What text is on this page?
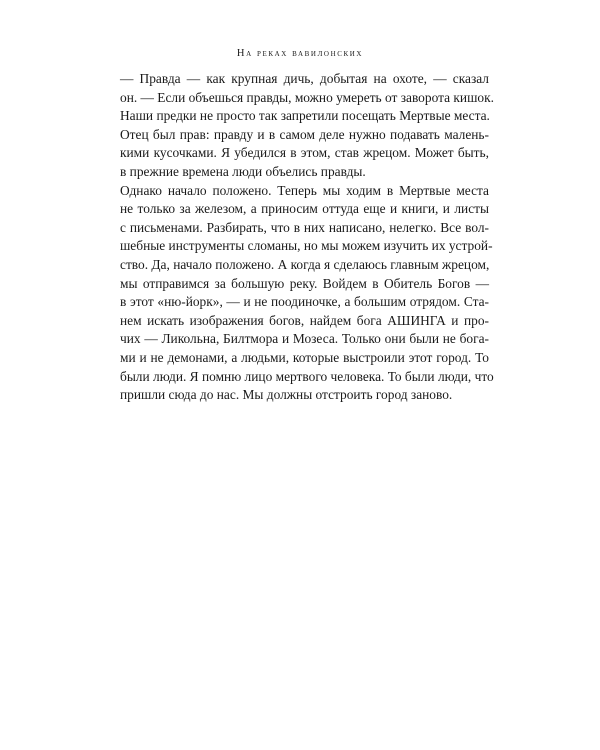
На реках вавилонских

— Правда — как крупная дичь, добытая на охоте, — сказал
он. — Если объешься правды, можно умереть от заворота кишок.
Наши предки не просто так запретили посещать Мертвые места.

Отец был прав: правду и в самом деле нужно подавать малень-
кими кусочками. Я убедился в этом, став жрецом. Может быть,
в прежние времена люди объелись правды.

Однако начало положено. Теперь мы ходим в Мертвые места
не только за железом, а приносим оттуда еще и книги, и листы
с письменами. Разбирать, что в них написано, нелегко. Все вол-
шебные инструменты сломаны, но мы можем изучить их устрой-
ство. Да, начало положено. А когда я сделаюсь главным жрецом,
мы отправимся за большую реку. Войдем в Обитель Богов —
в этот «ню-йорк», — и не поодиночке, а большим отрядом. Ста-
нем искать изображения богов, найдем бога АШИНГА и про-
чих — Ликольна, Билтмора и Мозеса. Только они были не бога-
ми и не демонами, а людьми, которые выстроили этот город. То
были люди. Я помню лицо мертвого человека. То были люди, что
пришли сюда до нас. Мы должны отстроить город заново.
